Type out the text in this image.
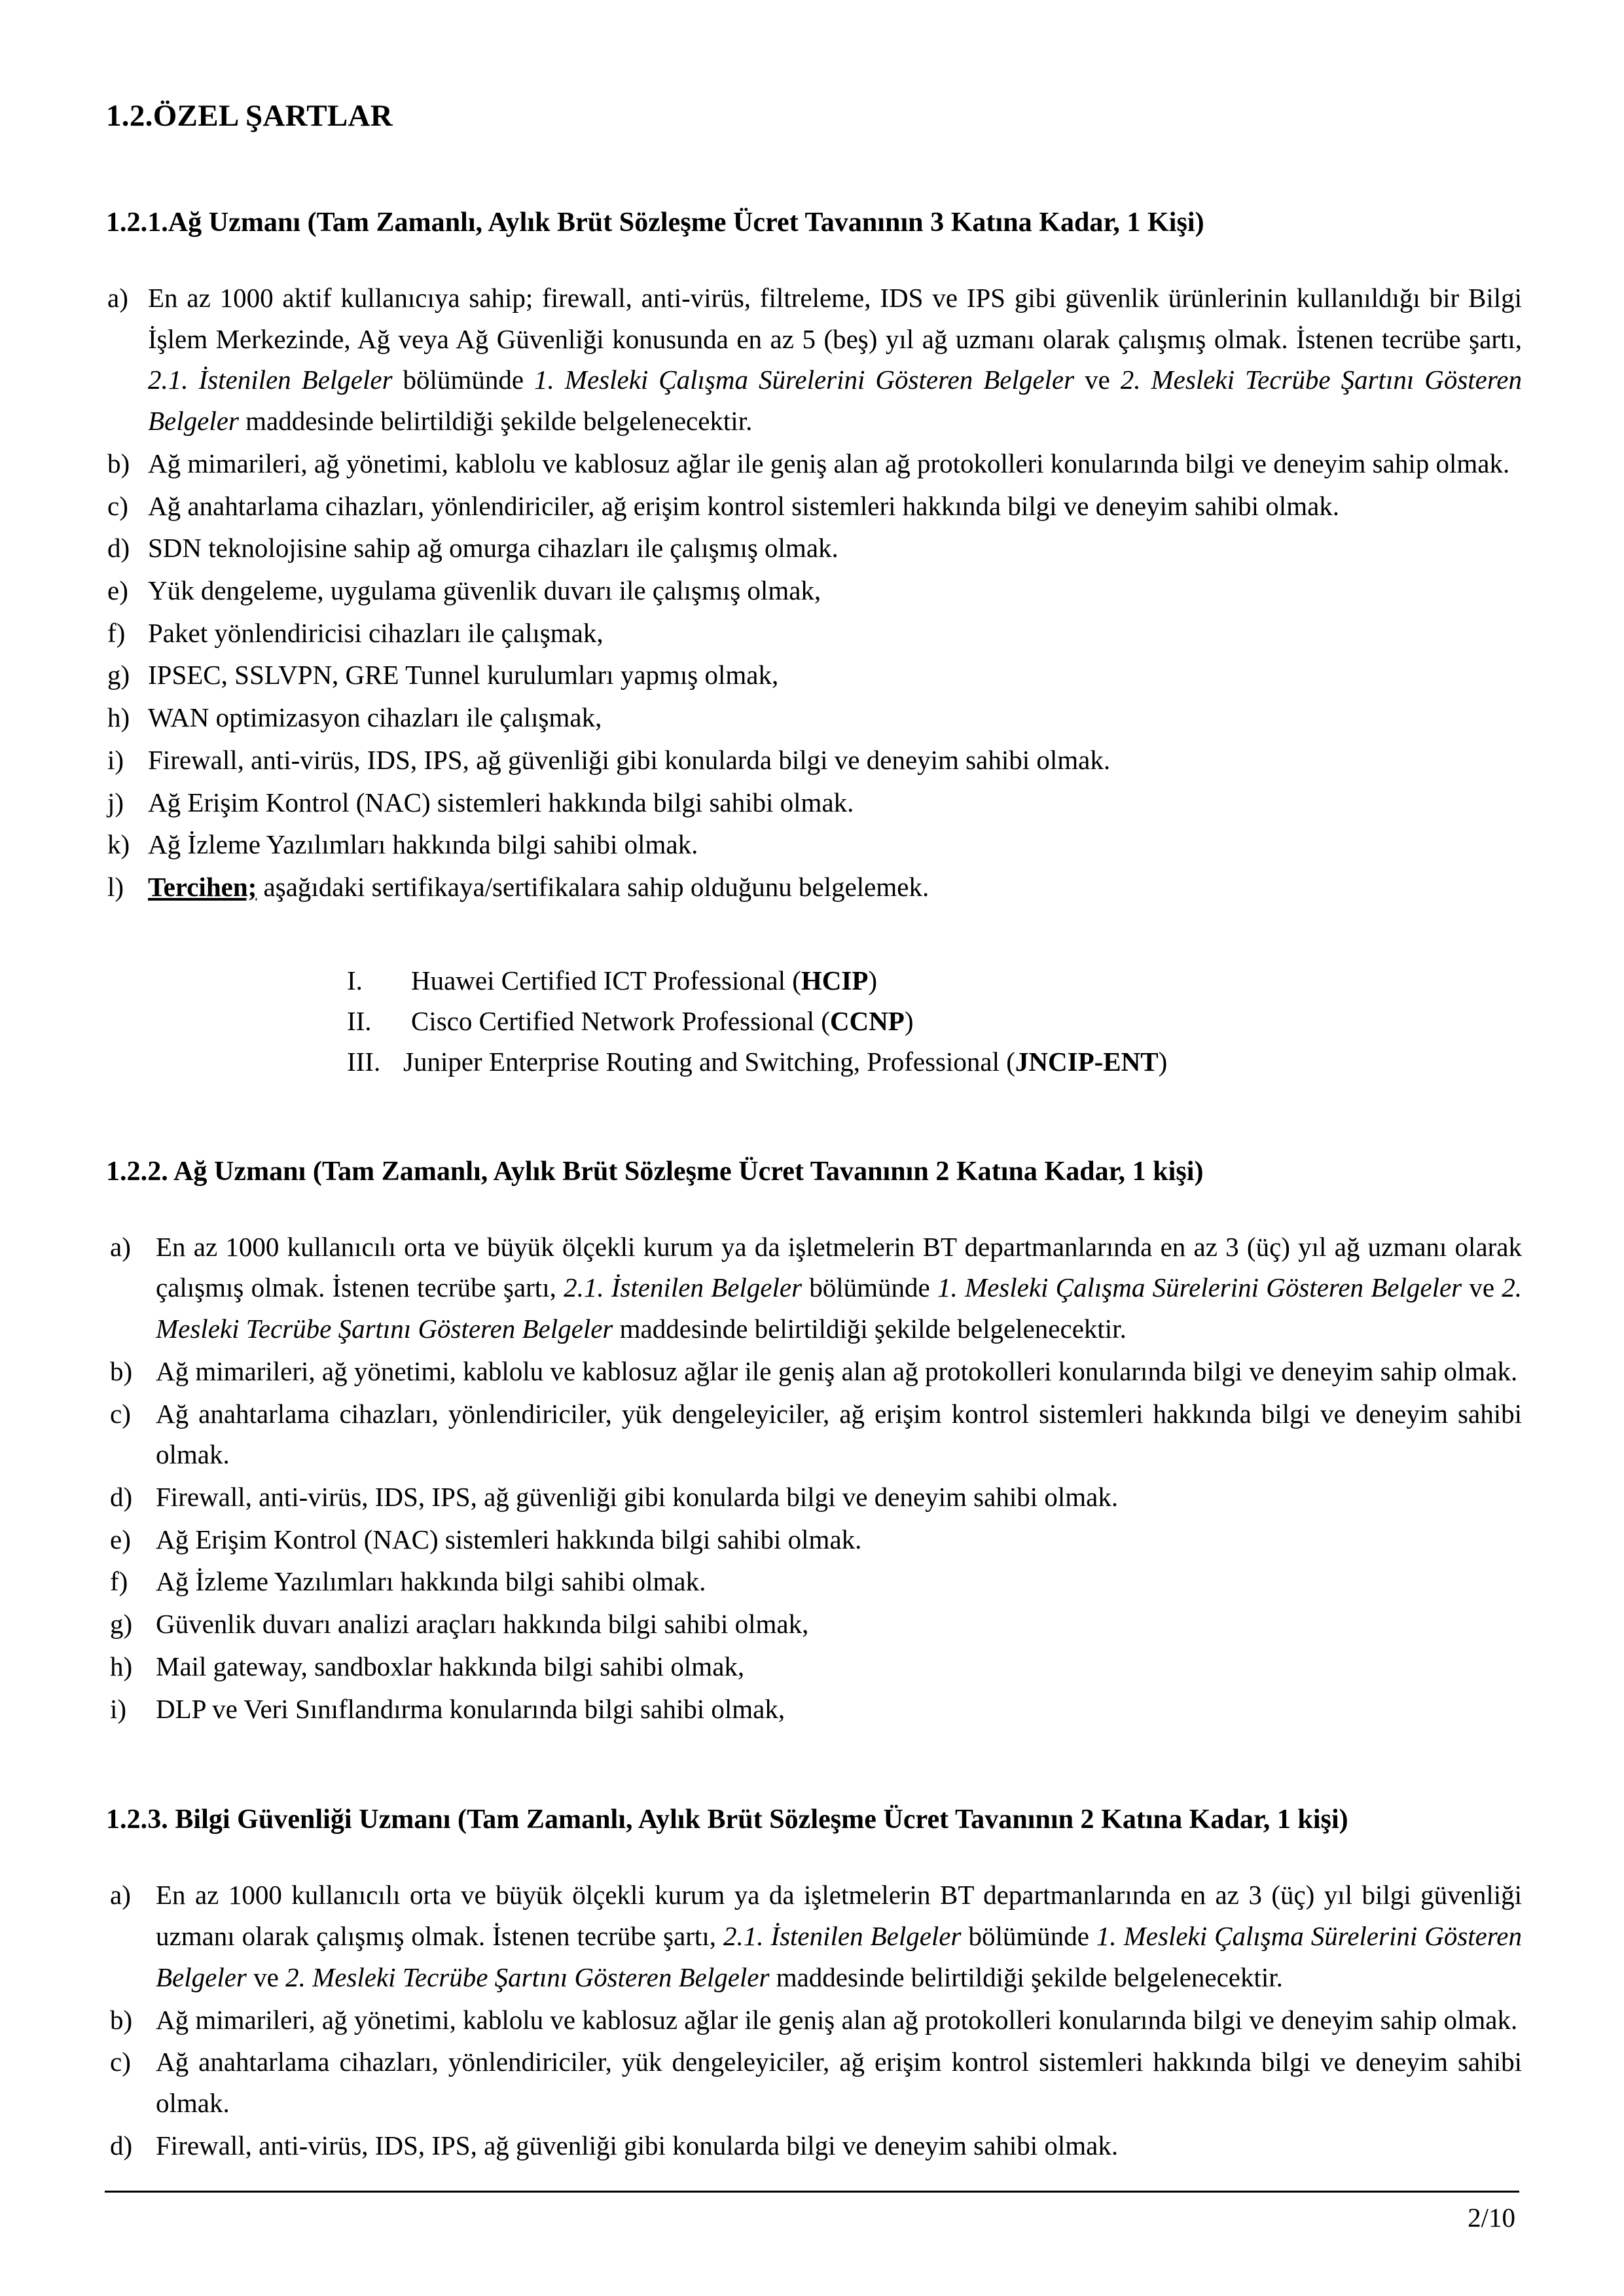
1.2.ÖZEL ŞARTLAR
1.2.1.Ağ Uzmanı (Tam Zamanlı, Aylık Brüt Sözleşme Ücret Tavanının 3 Katına Kadar, 1 Kişi)
a) En az 1000 aktif kullanıcıya sahip; firewall, anti-virüs, filtreleme, IDS ve IPS gibi güvenlik ürünlerinin kullanıldığı bir Bilgi İşlem Merkezinde, Ağ veya Ağ Güvenliği konusunda en az 5 (beş) yıl ağ uzmanı olarak çalışmış olmak. İstenen tecrübe şartı, 2.1. İstenilen Belgeler bölümünde 1. Mesleki Çalışma Sürelerini Gösteren Belgeler ve 2. Mesleki Tecrübe Şartını Gösteren Belgeler maddesinde belirtildiği şekilde belgelenecektir.
b) Ağ mimarileri, ağ yönetimi, kablolu ve kablosuz ağlar ile geniş alan ağ protokolleri konularında bilgi ve deneyim sahip olmak.
c) Ağ anahtarlama cihazları, yönlendiriciler, ağ erişim kontrol sistemleri hakkında bilgi ve deneyim sahibi olmak.
d) SDN teknolojisine sahip ağ omurga cihazları ile çalışmış olmak.
e) Yük dengeleme, uygulama güvenlik duvarı ile çalışmış olmak,
f) Paket yönlendiricisi cihazları ile çalışmak,
g) IPSEC, SSLVPN, GRE Tunnel kurulumları yapmış olmak,
h) WAN optimizasyon cihazları ile çalışmak,
i) Firewall, anti-virüs, IDS, IPS, ağ güvenliği gibi konularda bilgi ve deneyim sahibi olmak.
j) Ağ Erişim Kontrol (NAC) sistemleri hakkında bilgi sahibi olmak.
k) Ağ İzleme Yazılımları hakkında bilgi sahibi olmak.
l) Tercihen; aşağıdaki sertifikaya/sertifikalara sahip olduğunu belgelemek.
I.	Huawei Certified ICT Professional (HCIP)
II.	Cisco Certified Network Professional (CCNP)
III. Juniper Enterprise Routing and Switching, Professional (JNCIP-ENT)
1.2.2. Ağ Uzmanı (Tam Zamanlı, Aylık Brüt Sözleşme Ücret Tavanının 2 Katına Kadar, 1 kişi)
a) En az 1000 kullanıcılı orta ve büyük ölçekli kurum ya da işletmelerin BT departmanlarında en az 3 (üç) yıl ağ uzmanı olarak çalışmış olmak. İstenen tecrübe şartı, 2.1. İstenilen Belgeler bölümünde 1. Mesleki Çalışma Sürelerini Gösteren Belgeler ve 2. Mesleki Tecrübe Şartını Gösteren Belgeler maddesinde belirtildiği şekilde belgelenecektir.
b) Ağ mimarileri, ağ yönetimi, kablolu ve kablosuz ağlar ile geniş alan ağ protokolleri konularında bilgi ve deneyim sahip olmak.
c) Ağ anahtarlama cihazları, yönlendiriciler, yük dengeleyiciler, ağ erişim kontrol sistemleri hakkında bilgi ve deneyim sahibi olmak.
d) Firewall, anti-virüs, IDS, IPS, ağ güvenliği gibi konularda bilgi ve deneyim sahibi olmak.
e) Ağ Erişim Kontrol (NAC) sistemleri hakkında bilgi sahibi olmak.
f)	Ağ İzleme Yazılımları hakkında bilgi sahibi olmak.
g) Güvenlik duvarı analizi araçları hakkında bilgi sahibi olmak,
h) Mail gateway, sandboxlar hakkında bilgi sahibi olmak,
i)	DLP ve Veri Sınıflandırma konularında bilgi sahibi olmak,
1.2.3. Bilgi Güvenliği Uzmanı (Tam Zamanlı, Aylık Brüt Sözleşme Ücret Tavanının 2 Katına Kadar, 1 kişi)
a) En az 1000 kullanıcılı orta ve büyük ölçekli kurum ya da işletmelerin BT departmanlarında en az 3 (üç) yıl bilgi güvenliği uzmanı olarak çalışmış olmak. İstenen tecrübe şartı, 2.1. İstenilen Belgeler bölümünde 1. Mesleki Çalışma Sürelerini Gösteren Belgeler ve 2. Mesleki Tecrübe Şartını Gösteren Belgeler maddesinde belirtildiği şekilde belgelenecektir.
b) Ağ mimarileri, ağ yönetimi, kablolu ve kablosuz ağlar ile geniş alan ağ protokolleri konularında bilgi ve deneyim sahip olmak.
c) Ağ anahtarlama cihazları, yönlendiriciler, yük dengeleyiciler, ağ erişim kontrol sistemleri hakkında bilgi ve deneyim sahibi olmak.
d) Firewall, anti-virüs, IDS, IPS, ağ güvenliği gibi konularda bilgi ve deneyim sahibi olmak.
2/10
